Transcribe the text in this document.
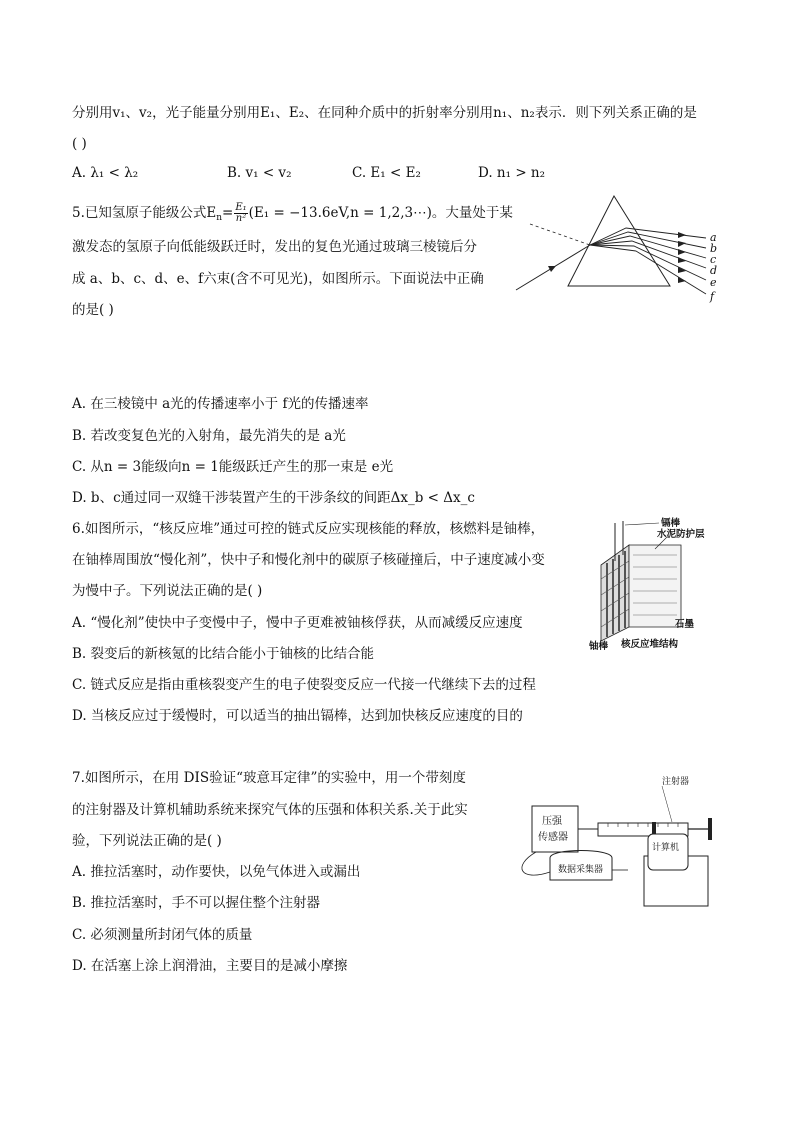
分别用v₁、v₂，光子能量分别用E₁、E₂、在同种介质中的折射率分别用n₁、n₂表示．则下列关系正确的是
( )
A. λ₁ < λ₂	B. v₁ < v₂	C. E₁ < E₂	D. n₁ > n₂
5.已知氢原子能级公式$E_n= \frac{\text{E₁}}{\text{n²}} (E_1 = -13.6eV,n$ = 1,2,3⋯)。大量处于某
激发态的氢原子向低能级跃迁时，发出的复色光通过玻璃三棱镜后分
成 a、b、c、d、e、f六束(含不可见光)，如图所示。下面说法中正确
的是( )
a
b
c
d
e
f
A. 在三棱镜中 a光的传播速率小于 f光的传播速率
B. 若改变复色光的入射角，最先消失的是 a光
C. 从n = 3能级向n = 1能级跃迁产生的那一束是 e光
D. b、c通过同一双缝干涉装置产生的干涉条纹的间距Δx_b < Δx_c
6.如图所示，“核反应堆”通过可控的链式反应实现核能的释放，核燃料是铀棒，
在铀棒周围放“慢化剂”，快中子和慢化剂中的碳原子核碰撞后，中子速度减小变
为慢中子。下列说法正确的是( )
镉棒
水泥防护层
铀棒
石墨
核反应堆结构
A. “慢化剂”使快中子变慢中子，慢中子更难被铀核俘获，从而减缓反应速度
B. 裂变后的新核氪的比结合能小于铀核的比结合能
C. 链式反应是指由重核裂变产生的电子使裂变反应一代接一代继续下去的过程
D. 当核反应过于缓慢时，可以适当的抽出镉棒，达到加快核反应速度的目的
7.如图所示，在用 DIS验证“玻意耳定律”的实验中，用一个带刻度
的注射器及计算机辅助系统来探究气体的压强和体积关系.关于此实
验，下列说法正确的是( )
注射器
压强
传感器
数据采集器
计算机
A. 推拉活塞时，动作要快，以免气体进入或漏出
B. 推拉活塞时，手不可以握住整个注射器
C. 必须测量所封闭气体的质量
D. 在活塞上涂上润滑油，主要目的是减小摩擦
